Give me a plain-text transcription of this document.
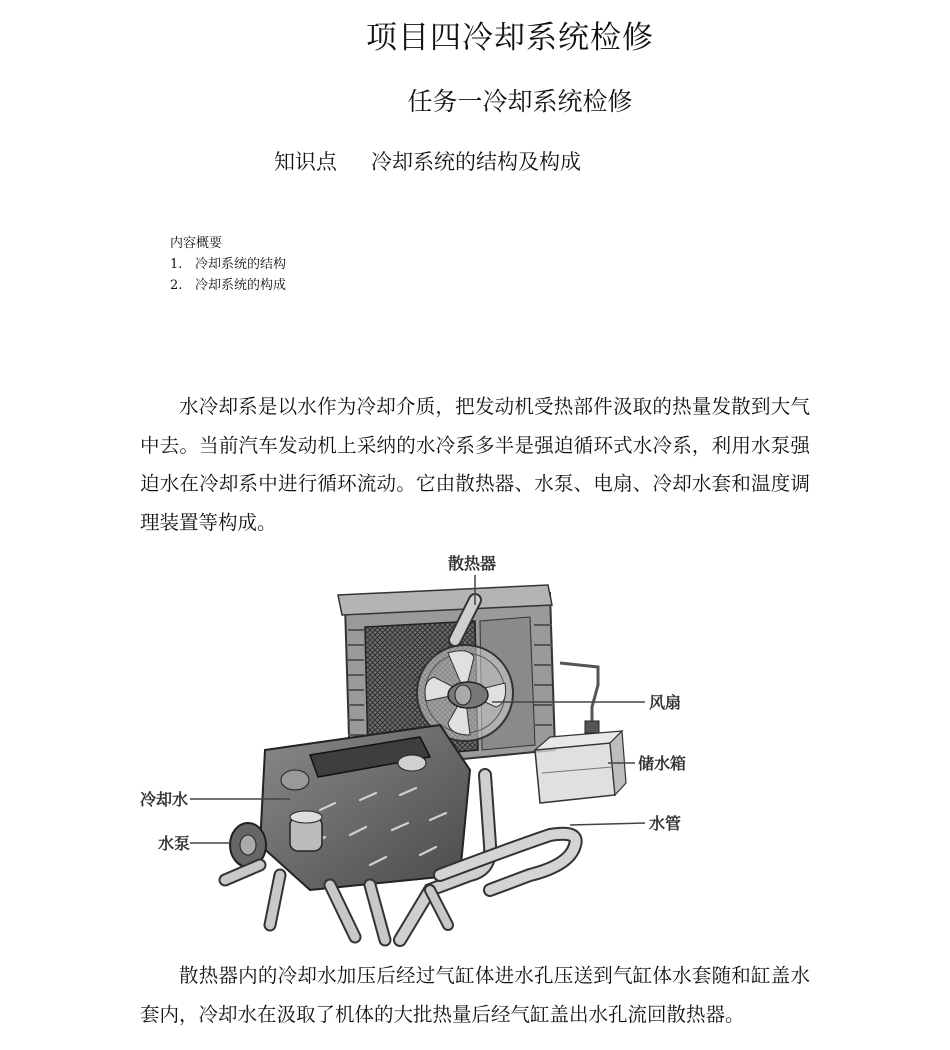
项目四冷却系统检修
任务一冷却系统检修
知识点 冷却系统的结构及构成
内容概要
1. 冷却系统的结构
2. 冷却系统的构成
水冷却系是以水作为冷却介质，把发动机受热部件汲取的热量发散到大气中去。当前汽车发动机上采纳的水冷系多半是强迫循环式水冷系，利用水泵强迫水在冷却系中进行循环流动。它由散热器、水泵、电扇、冷却水套和温度调理装置等构成。
散热器
风扇
储水箱
冷却水
水泵
水管
散热器内的冷却水加压后经过气缸体进水孔压送到气缸体水套随和缸盖水套内，冷却水在汲取了机体的大批热量后经气缸盖出水孔流回散热器。
